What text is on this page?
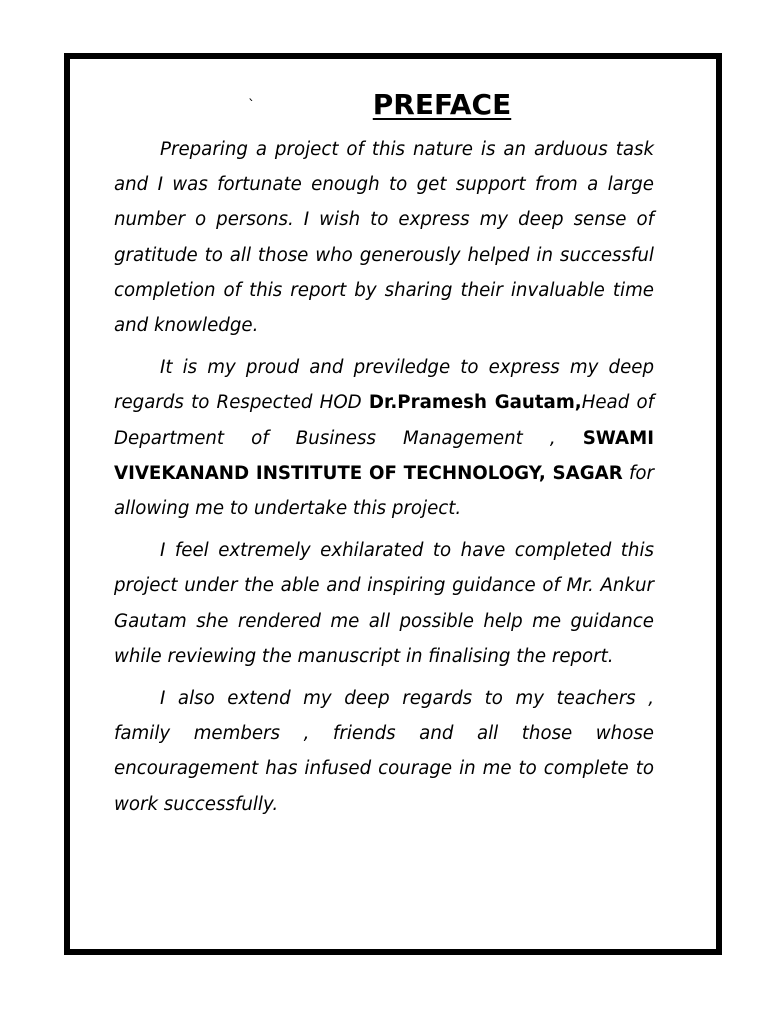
`	PREFACE

Preparing a project of this nature is an arduous task and I was fortunate enough to get support from a large number o persons. I wish to express my deep sense of gratitude to all those who generously helped in successful completion of this report by sharing their invaluable time and knowledge.

It is my proud and previledge to express my deep regards to Respected HOD Dr.Pramesh Gautam,Head of Department of Business Management , SWAMI VIVEKANAND INSTITUTE OF TECHNOLOGY, SAGAR for allowing me to undertake this project.

I feel extremely exhilarated to have completed this project under the able and inspiring guidance of Mr. Ankur Gautam she rendered me all possible help me guidance while reviewing the manuscript in finalising the report.

I also extend my deep regards to my teachers , family members , friends and all those whose encouragement has infused courage in me to complete to work successfully.
